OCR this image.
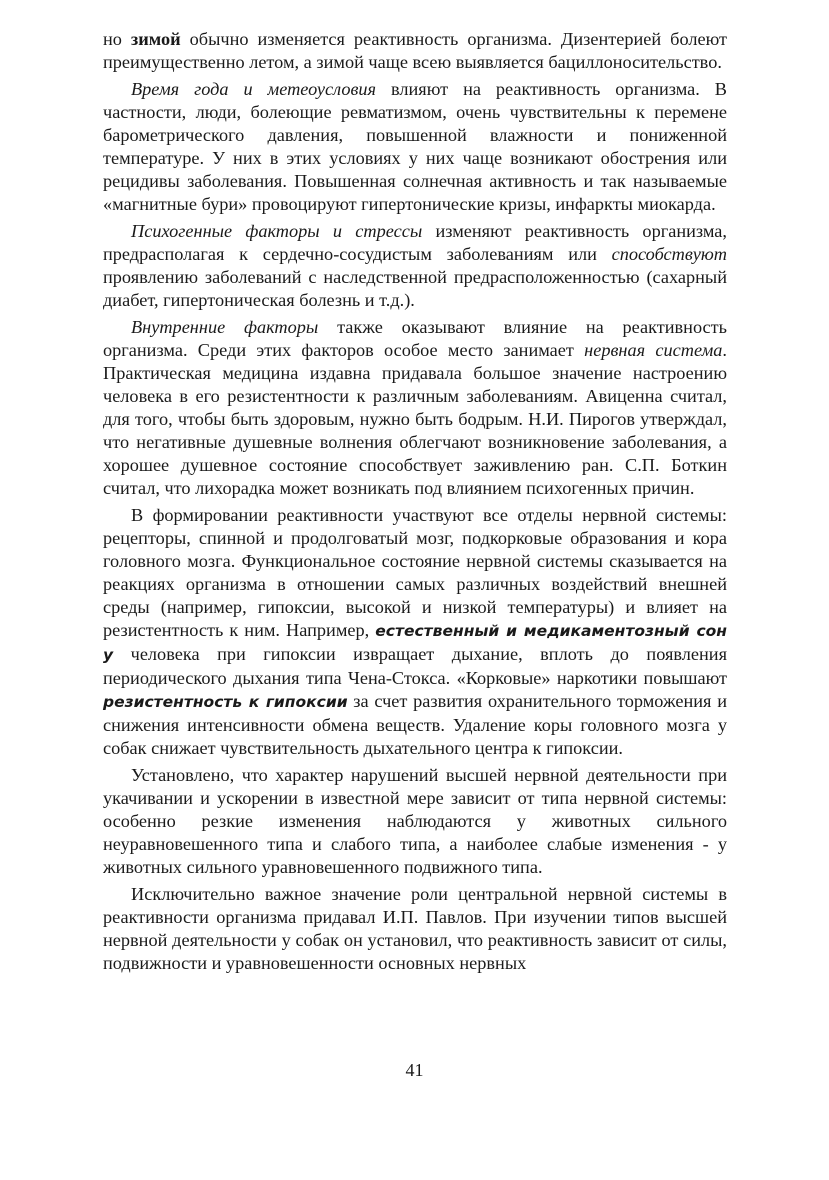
но зимой обычно изменяется реактивность организма. Дизентерией болеют преимущественно летом, а зимой чаще всею выявляется бациллоносительство.

Время года и метеоусловия влияют на реактивность организма. В частности, люди, болеющие ревматизмом, очень чувствительны к перемене барометрического давления, повышенной влажности и пониженной температуре. У них в этих условиях у них чаще возникают обострения или рецидивы заболевания. Повышенная солнечная активность и так называемые «магнитные бури» провоцируют гипертонические кризы, инфаркты миокарда.

Психогенные факторы и стрессы изменяют реактивность организма, предрасполагая к сердечно-сосудистым заболеваниям или способствуют проявлению заболеваний с наследственной предрасположенностью (сахарный диабет, гипертоническая болезнь и т.д.).

Внутренние факторы также оказывают влияние на реактивность организма. Среди этих факторов особое место занимает нервная система. Практическая медицина издавна придавала большое значение настроению человека в его резистентности к различным заболеваниям. Авиценна считал, для того, чтобы быть здоровым, нужно быть бодрым. Н.И. Пирогов утверждал, что негативные душевные волнения облегчают возникновение заболевания, а хорошее душевное состояние способствует заживлению ран. С.П. Боткин считал, что лихорадка может возникать под влиянием психогенных причин.

В формировании реактивности участвуют все отделы нервной системы: рецепторы, спинной и продолговатый мозг, подкорковые образования и кора головного мозга. Функциональное состояние нервной системы сказывается на реакциях организма в отношении самых различных воздействий внешней среды (например, гипоксии, высокой и низкой температуры) и влияет на резистентность к ним. Например, естественный и медикаментозный сон у человека при гипоксии извращает дыхание, вплоть до появления периодического дыхания типа Чена-Стокса. «Корковые» наркотики повышают резистентность к гипоксии за счет развития охранительного торможения и снижения интенсивности обмена веществ. Удаление коры головного мозга у собак снижает чувствительность дыхательного центра к гипоксии.

Установлено, что характер нарушений высшей нервной деятельности при укачивании и ускорении в известной мере зависит от типа нервной системы: особенно резкие изменения наблюдаются у животных сильного неуравновешенного типа и слабого типа, а наиболее слабые изменения - у животных сильного уравновешенного подвижного типа.

Исключительно важное значение роли центральной нервной системы в реактивности организма придавал И.П. Павлов. При изучении типов высшей нервной деятельности у собак он установил, что реактивность зависит от силы, подвижности и уравновешенности основных нервных

41
